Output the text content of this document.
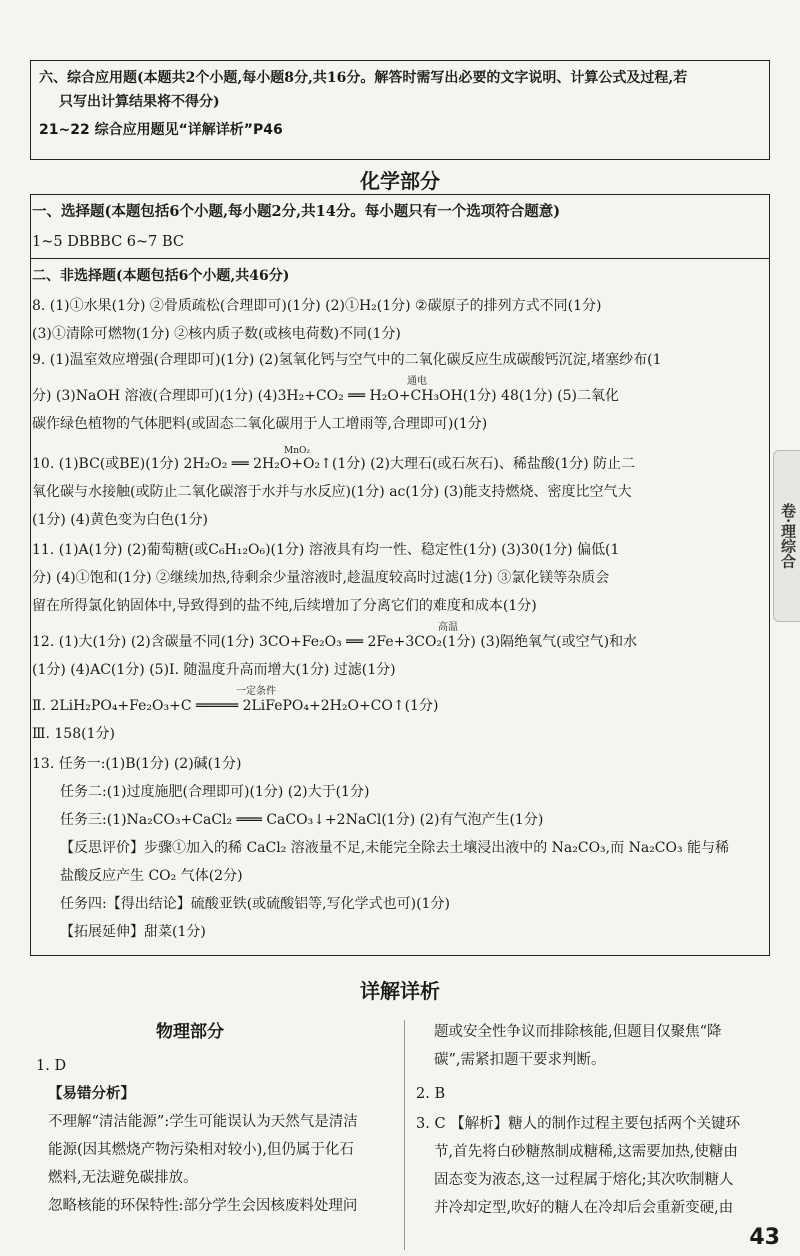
六、综合应用题(本题共2个小题,每小题8分,共16分。解答时需写出必要的文字说明、计算公式及过程,若

只写出计算结果将不得分)

21~22 综合应用题见“详解详析”P46

化学部分
一、选择题(本题包括6个小题,每小题2分,共14分。每小题只有一个选项符合题意)
1~5 DBBBC 6~7 BC
二、非选择题(本题包括6个小题,共46分)
8. (1)①水果(1分) ②骨质疏松(合理即可)(1分) (2)①H₂(1分) ②碳原子的排列方式不同(1分)
(3)①清除可燃物(1分) ②核内质子数(或核电荷数)不同(1分)
9. (1)温室效应增强(合理即可)(1分) (2)氢氧化钙与空气中的二氧化碳反应生成碳酸钙沉淀,堵塞纱布(1
分) (3)NaOH 溶液(合理即可)(1分) (4)3H₂+CO₂ ══ H₂O+CH₃OH(1分) 48(1分) (5)二氧化
通电
碳作绿色植物的气体肥料(或固态二氧化碳用于人工增雨等,合理即可)(1分)
10. (1)BC(或BE)(1分) 2H₂O₂ ══ 2H₂O+O₂↑(1分) (2)大理石(或石灰石)、稀盐酸(1分) 防止二
MnO₂
氧化碳与水接触(或防止二氧化碳溶于水并与水反应)(1分) ac(1分) (3)能支持燃烧、密度比空气大
(1分) (4)黄色变为白色(1分)
11. (1)A(1分) (2)葡萄糖(或C₆H₁₂O₆)(1分) 溶液具有均一性、稳定性(1分) (3)30(1分) 偏低(1
分) (4)①饱和(1分) ②继续加热,待剩余少量溶液时,趁温度较高时过滤(1分) ③氯化镁等杂质会
留在所得氯化钠固体中,导致得到的盐不纯,后续增加了分离它们的难度和成本(1分)
12. (1)大(1分) (2)含碳量不同(1分) 3CO+Fe₂O₃ ══ 2Fe+3CO₂(1分) (3)隔绝氧气(或空气)和水
高温
(1分) (4)AC(1分) (5)Ⅰ. 随温度升高而增大(1分) 过滤(1分)
Ⅱ. 2LiH₂PO₄+Fe₂O₃+C ═════ 2LiFePO₄+2H₂O+CO↑(1分)
一定条件
Ⅲ. 158(1分)
13. 任务一:(1)B(1分) (2)碱(1分)
任务二:(1)过度施肥(合理即可)(1分) (2)大于(1分)
任务三:(1)Na₂CO₃+CaCl₂ ═══ CaCO₃↓+2NaCl(1分) (2)有气泡产生(1分)
【反思评价】步骤①加入的稀 CaCl₂ 溶液量不足,未能完全除去土壤浸出液中的 Na₂CO₃,而 Na₂CO₃ 能与稀
盐酸反应产生 CO₂ 气体(2分)
任务四:【得出结论】硫酸亚铁(或硫酸铝等,写化学式也可)(1分)
【拓展延伸】甜菜(1分)
详解详析
物理部分
1. D
【易错分析】
不理解“清洁能源”:学生可能误认为天然气是清洁
能源(因其燃烧产物污染相对较小),但仍属于化石
燃料,无法避免碳排放。
忽略核能的环保特性:部分学生会因核废料处理问
题或安全性争议而排除核能,但题目仅聚焦“降
碳”,需紧扣题干要求判断。
2. B
3. C 【解析】糖人的制作过程主要包括两个关键环
节,首先将白砂糖熬制成糖稀,这需要加热,使糖由
固态变为液态,这一过程属于熔化;其次吹制糖人
并冷却定型,吹好的糖人在冷却后会重新变硬,由
卷·理综合
43
